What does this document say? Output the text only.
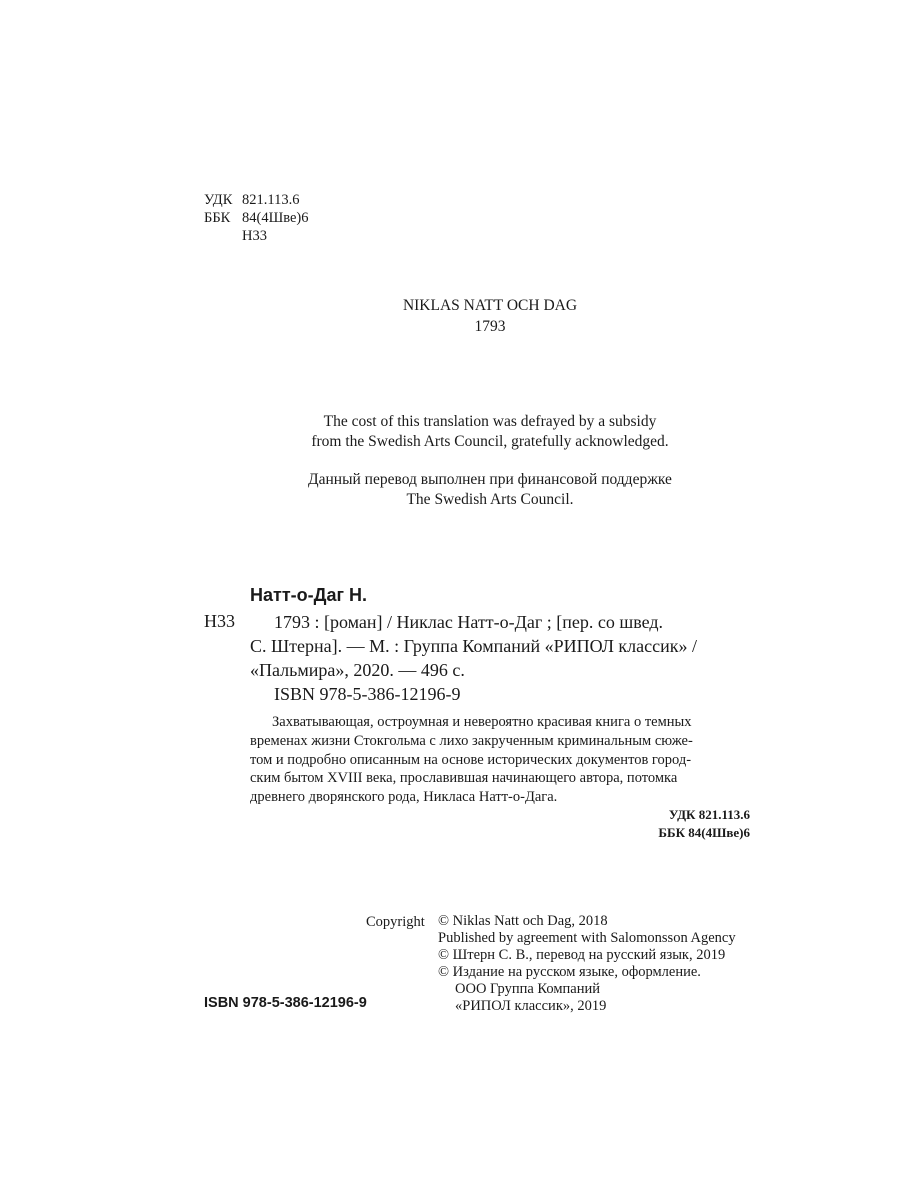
УДК 821.113.6
ББК 84(4Шве)6
Н33
NIKLAS NATT OCH DAG
1793
The cost of this translation was defrayed by a subsidy
from the Swedish Arts Council, gratefully acknowledged.
Данный перевод выполнен при финансовой поддержке
The Swedish Arts Council.
Натт-о-Даг Н.
Н33	1793 : [роман] / Никлас Натт-о-Даг ; [пер. со швед.
С. Штерна]. — М. : Группа Компаний «РИПОЛ классик» /
«Пальмира», 2020. — 496 с.
ISBN 978-5-386-12196-9
Захватывающая, остроумная и невероятно красивая книга о темных
временах жизни Стокгольма с лихо закрученным криминальным сюже-
том и подробно описанным на основе исторических документов город-
ским бытом XVIII века, прославившая начинающего автора, потомка
древнего дворянского рода, Никласа Натт-о-Дага.
УДК 821.113.6
ББК 84(4Шве)6
Copyright © Niklas Natt och Dag, 2018
Published by agreement with Salomonsson Agency
© Штерн С. В., перевод на русский язык, 2019
© Издание на русском языке, оформление.
ООО Группа Компаний
«РИПОЛ классик», 2019
ISBN 978-5-386-12196-9
